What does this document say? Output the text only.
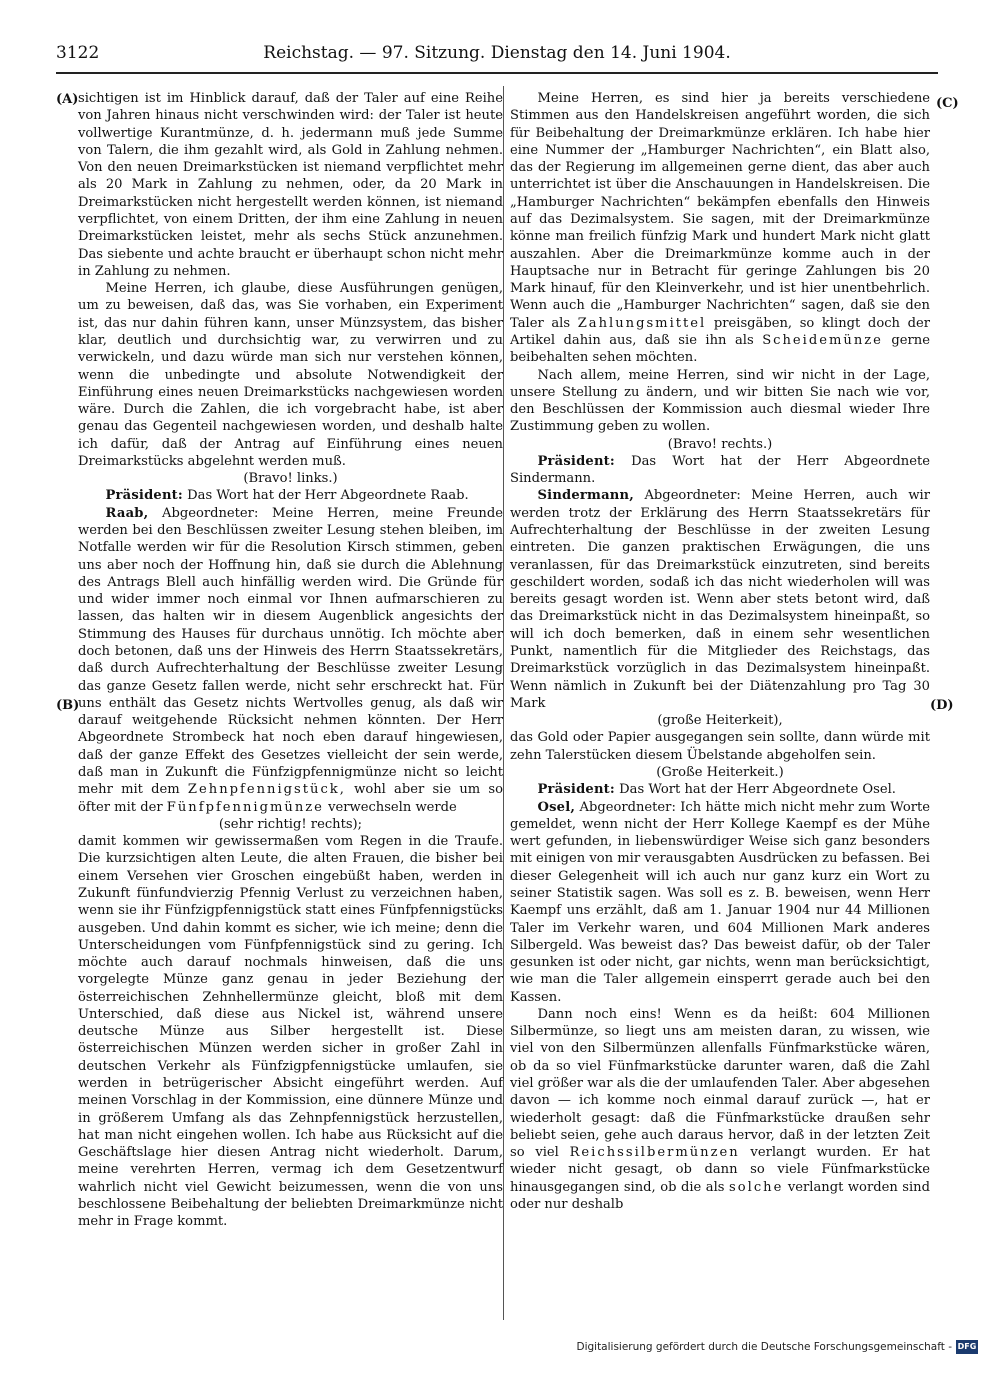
3122	Reichstag. — 97. Sitzung. Dienstag den 14. Juni 1904.
(A)
(B)
(C)
(D)

sichtigen ist im Hinblick darauf, daß der Taler auf eine Reihe von Jahren hinaus nicht verschwinden wird: der Taler ist heute vollwertige Kurantmünze, d. h. jedermann muß jede Summe von Talern, die ihm gezahlt wird, als Gold in Zahlung nehmen. Von den neuen Dreimarkstücken ist niemand verpflichtet mehr als 20 Mark in Zahlung zu nehmen, oder, da 20 Mark in Dreimarkstücken nicht hergestellt werden können, ist niemand verpflichtet, von einem Dritten, der ihm eine Zahlung in neuen Dreimarkstücken leistet, mehr als sechs Stück anzunehmen. Das siebente und achte braucht er überhaupt schon nicht mehr in Zahlung zu nehmen.

Meine Herren, ich glaube, diese Ausführungen genügen, um zu beweisen, daß das, was Sie vorhaben, ein Experiment ist, das nur dahin führen kann, unser Münzsystem, das bisher klar, deutlich und durchsichtig war, zu verwirren und zu verwickeln, und dazu würde man sich nur verstehen können, wenn die unbedingte und absolute Notwendigkeit der Einführung eines neuen Dreimarkstücks nachgewiesen worden wäre. Durch die Zahlen, die ich vorgebracht habe, ist aber genau das Gegenteil nachgewiesen worden, und deshalb halte ich dafür, daß der Antrag auf Einführung eines neuen Dreimarkstücks abgelehnt werden muß.

(Bravo! links.)

Präsident: Das Wort hat der Herr Abgeordnete Raab.

Raab, Abgeordneter: Meine Herren, meine Freunde werden bei den Beschlüssen zweiter Lesung stehen bleiben, im Notfalle werden wir für die Resolution Kirsch stimmen, geben uns aber noch der Hoffnung hin, daß sie durch die Ablehnung des Antrags Blell auch hinfällig werden wird. Die Gründe für und wider immer noch einmal vor Ihnen aufmarschieren zu lassen, das halten wir in diesem Augenblick angesichts der Stimmung des Hauses für durchaus unnötig. Ich möchte aber doch betonen, daß uns der Hinweis des Herrn Staatssekretärs, daß durch Aufrechterhaltung der Beschlüsse zweiter Lesung das ganze Gesetz fallen werde, nicht sehr erschreckt hat. Für uns enthält das Gesetz nichts Wertvolles genug, als daß wir darauf weitgehende Rücksicht nehmen könnten. Der Herr Abgeordnete Strombeck hat noch eben darauf hingewiesen, daß der ganze Effekt des Gesetzes vielleicht der sein werde, daß man in Zukunft die Fünfzigpfennigmünze nicht so leicht mehr mit dem Zehnpfennigstück, wohl aber sie um so öfter mit der Fünfpfennigmünze verwechseln werde

(sehr richtig! rechts);

damit kommen wir gewissermaßen vom Regen in die Traufe. Die kurzsichtigen alten Leute, die alten Frauen, die bisher bei einem Versehen vier Groschen eingebüßt haben, werden in Zukunft fünfundvierzig Pfennig Verlust zu verzeichnen haben, wenn sie ihr Fünfzigpfennigstück statt eines Fünfpfennigstücks ausgeben. Und dahin kommt es sicher, wie ich meine; denn die Unterscheidungen vom Fünfpfennigstück sind zu gering. Ich möchte auch darauf nochmals hinweisen, daß die uns vorgelegte Münze ganz genau in jeder Beziehung der österreichischen Zehnhellermünze gleicht, bloß mit dem Unterschied, daß diese aus Nickel ist, während unsere deutsche Münze aus Silber hergestellt ist. Diese österreichischen Münzen werden sicher in großer Zahl in deutschen Verkehr als Fünfzigpfennigstücke umlaufen, sie werden in betrügerischer Absicht eingeführt werden. Auf meinen Vorschlag in der Kommission, eine dünnere Münze und in größerem Umfang als das Zehnpfennigstück herzustellen, hat man nicht eingehen wollen. Ich habe aus Rücksicht auf die Geschäftslage hier diesen Antrag nicht wiederholt. Darum, meine verehrten Herren, vermag ich dem Gesetzentwurf wahrlich nicht viel Gewicht beizumessen, wenn die von uns beschlossene Beibehaltung der beliebten Dreimarkmünze nicht mehr in Frage kommt.

Meine Herren, es sind hier ja bereits verschiedene Stimmen aus den Handelskreisen angeführt worden, die sich für Beibehaltung der Dreimarkmünze erklären. Ich habe hier eine Nummer der „Hamburger Nachrichten“, ein Blatt also, das der Regierung im allgemeinen gerne dient, das aber auch unterrichtet ist über die Anschauungen in Handelskreisen. Die „Hamburger Nachrichten“ bekämpfen ebenfalls den Hinweis auf das Dezimalsystem. Sie sagen, mit der Dreimarkmünze könne man freilich fünfzig Mark und hundert Mark nicht glatt auszahlen. Aber die Dreimarkmünze komme auch in der Hauptsache nur in Betracht für geringe Zahlungen bis 20 Mark hinauf, für den Kleinverkehr, und ist hier unentbehrlich. Wenn auch die „Hamburger Nachrichten“ sagen, daß sie den Taler als Zahlungsmittel preisgäben, so klingt doch der Artikel dahin aus, daß sie ihn als Scheidemünze gerne beibehalten sehen möchten.

Nach allem, meine Herren, sind wir nicht in der Lage, unsere Stellung zu ändern, und wir bitten Sie nach wie vor, den Beschlüssen der Kommission auch diesmal wieder Ihre Zustimmung geben zu wollen.

(Bravo! rechts.)

Präsident: Das Wort hat der Herr Abgeordnete Sindermann.

Sindermann, Abgeordneter: Meine Herren, auch wir werden trotz der Erklärung des Herrn Staatssekretärs für Aufrechterhaltung der Beschlüsse in der zweiten Lesung eintreten. Die ganzen praktischen Erwägungen, die uns veranlassen, für das Dreimarkstück einzutreten, sind bereits geschildert worden, sodaß ich das nicht wiederholen will was bereits gesagt worden ist. Wenn aber stets betont wird, daß das Dreimarkstück nicht in das Dezimalsystem hineinpaßt, so will ich doch bemerken, daß in einem sehr wesentlichen Punkt, namentlich für die Mitglieder des Reichstags, das Dreimarkstück vorzüglich in das Dezimalsystem hineinpaßt. Wenn nämlich in Zukunft bei der Diätenzahlung pro Tag 30 Mark

(große Heiterkeit),

das Gold oder Papier ausgegangen sein sollte, dann würde mit zehn Talerstücken diesem Übelstande abgeholfen sein.

(Große Heiterkeit.)

Präsident: Das Wort hat der Herr Abgeordnete Osel.

Osel, Abgeordneter: Ich hätte mich nicht mehr zum Worte gemeldet, wenn nicht der Herr Kollege Kaempf es der Mühe wert gefunden, in liebenswürdiger Weise sich ganz besonders mit einigen von mir verausgabten Ausdrücken zu befassen. Bei dieser Gelegenheit will ich auch nur ganz kurz ein Wort zu seiner Statistik sagen. Was soll es z. B. beweisen, wenn Herr Kaempf uns erzählt, daß am 1. Januar 1904 nur 44 Millionen Taler im Verkehr waren, und 604 Millionen Mark anderes Silbergeld. Was beweist das? Das beweist dafür, ob der Taler gesunken ist oder nicht, gar nichts, wenn man berücksichtigt, wie man die Taler allgemein einsperrt gerade auch bei den Kassen.

Dann noch eins! Wenn es da heißt: 604 Millionen Silbermünze, so liegt uns am meisten daran, zu wissen, wie viel von den Silbermünzen allenfalls Fünfmarkstücke wären, ob da so viel Fünfmarkstücke darunter waren, daß die Zahl viel größer war als die der umlaufenden Taler. Aber abgesehen davon — ich komme noch einmal darauf zurück —, hat er wiederholt gesagt: daß die Fünfmarkstücke draußen sehr beliebt seien, gehe auch daraus hervor, daß in der letzten Zeit so viel Reichssilbermünzen verlangt wurden. Er hat wieder nicht gesagt, ob dann so viele Fünfmarkstücke hinausgegangen sind, ob die als solche verlangt worden sind oder nur deshalb

Digitalisierung gefördert durch die Deutsche Forschungsgemeinschaft - DFG
